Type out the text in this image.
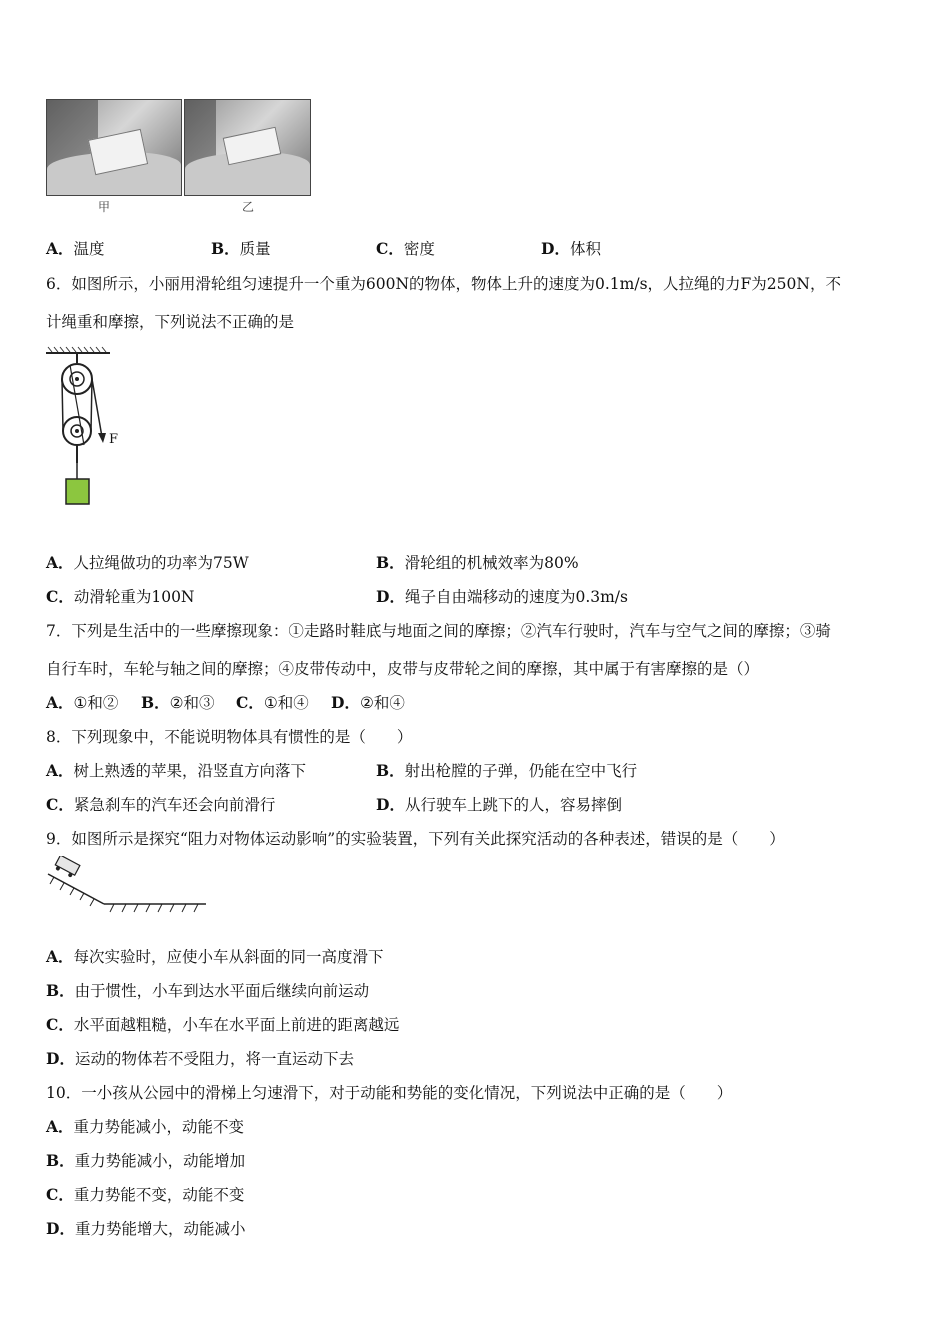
甲	乙
A．温度	B．质量	C．密度	D．体积
6．如图所示，小丽用滑轮组匀速提升一个重为600N的物体，物体上升的速度为0.1m/s，人拉绳的力F为250N，不
计绳重和摩擦，下列说法不正确的是
F
A．人拉绳做功的功率为75W	B．滑轮组的机械效率为80%
C．动滑轮重为100N	D．绳子自由端移动的速度为0.3m/s
7．下列是生活中的一些摩擦现象：①走路时鞋底与地面之间的摩擦；②汽车行驶时，汽车与空气之间的摩擦；③骑
自行车时，车轮与轴之间的摩擦；④皮带传动中，皮带与皮带轮之间的摩擦，其中属于有害摩擦的是（）
A．①和② B．②和③ C．①和④ D．②和④
8．下列现象中，不能说明物体具有惯性的是（　　）
A．树上熟透的苹果，沿竖直方向落下	B．射出枪膛的子弹，仍能在空中飞行
C．紧急刹车的汽车还会向前滑行	D．从行驶车上跳下的人，容易摔倒
9．如图所示是探究“阻力对物体运动影响”的实验装置，下列有关此探究活动的各种表述，错误的是（　　）
A．每次实验时，应使小车从斜面的同一高度滑下
B．由于惯性，小车到达水平面后继续向前运动
C．水平面越粗糙，小车在水平面上前进的距离越远
D．运动的物体若不受阻力，将一直运动下去
10．一小孩从公园中的滑梯上匀速滑下，对于动能和势能的变化情况，下列说法中正确的是（　　）
A．重力势能减小，动能不变
B．重力势能减小，动能增加
C．重力势能不变，动能不变
D．重力势能增大，动能减小
